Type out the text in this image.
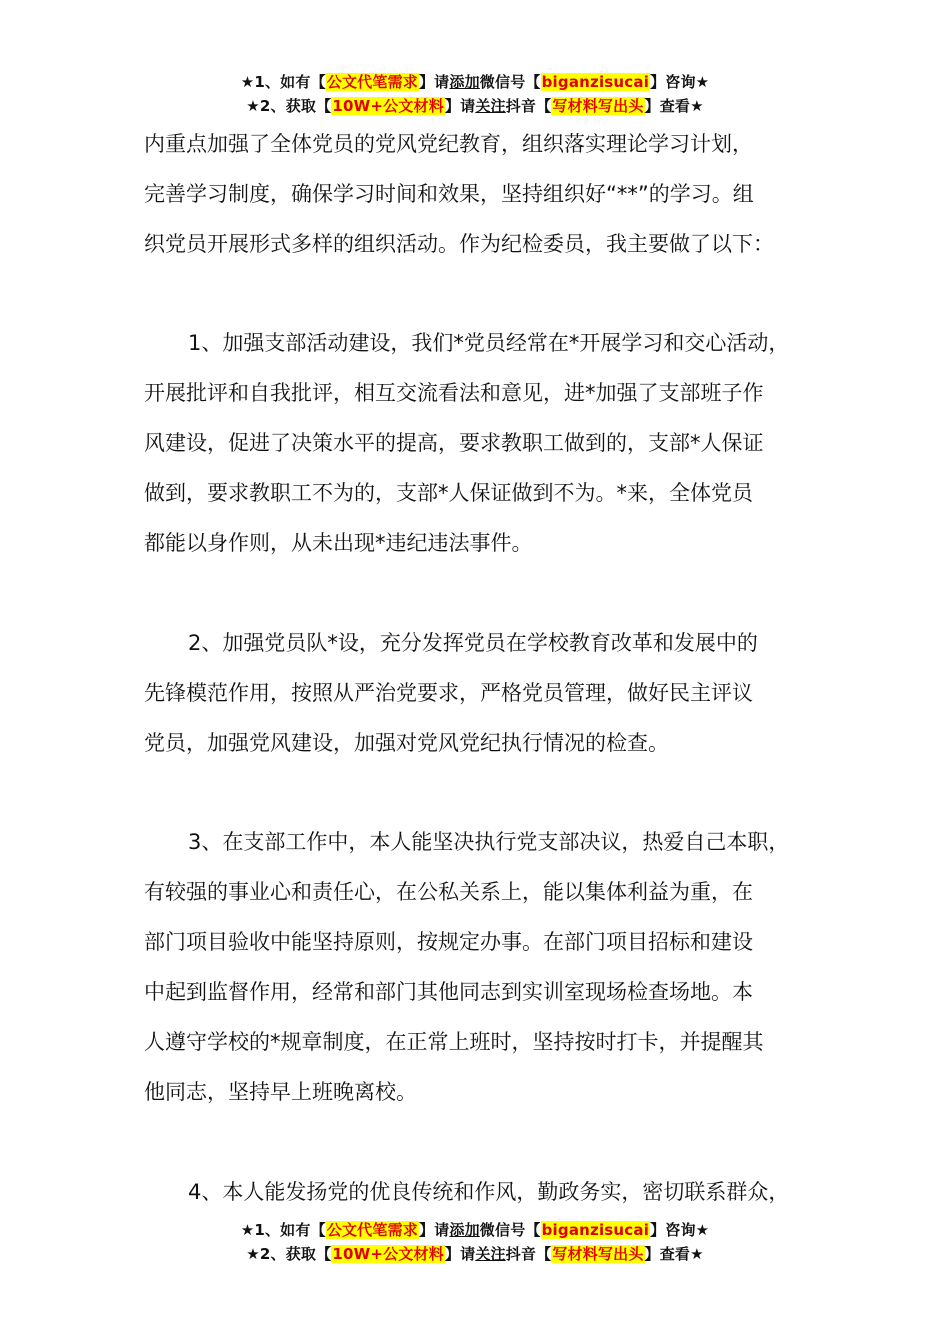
★1、如有【公文代笔需求】请添加微信号【biganzisucai】咨询★
★2、获取【10W+公文材料】请关注抖音【写材料写出头】查看★
内重点加强了全体党员的党风党纪教育，组织落实理论学习计划，
完善学习制度，确保学习时间和效果，坚持组织好“**”的学习。组
织党员开展形式多样的组织活动。作为纪检委员，我主要做了以下：
1、加强支部活动建设，我们*党员经常在*开展学习和交心活动，
开展批评和自我批评，相互交流看法和意见，进*加强了支部班子作
风建设，促进了决策水平的提高，要求教职工做到的，支部*人保证
做到，要求教职工不为的，支部*人保证做到不为。*来，全体党员
都能以身作则，从未出现*违纪违法事件。
2、加强党员队*设，充分发挥党员在学校教育改革和发展中的
先锋模范作用，按照从严治党要求，严格党员管理，做好民主评议
党员，加强党风建设，加强对党风党纪执行情况的检查。
3、在支部工作中，本人能坚决执行党支部决议，热爱自己本职，
有较强的事业心和责任心，在公私关系上，能以集体利益为重，在
部门项目验收中能坚持原则，按规定办事。在部门项目招标和建设
中起到监督作用，经常和部门其他同志到实训室现场检查场地。本
人遵守学校的*规章制度，在正常上班时，坚持按时打卡，并提醒其
他同志，坚持早上班晚离校。
4、本人能发扬党的优良传统和作风，勤政务实，密切联系群众，
★1、如有【公文代笔需求】请添加微信号【biganzisucai】咨询★
★2、获取【10W+公文材料】请关注抖音【写材料写出头】查看★
